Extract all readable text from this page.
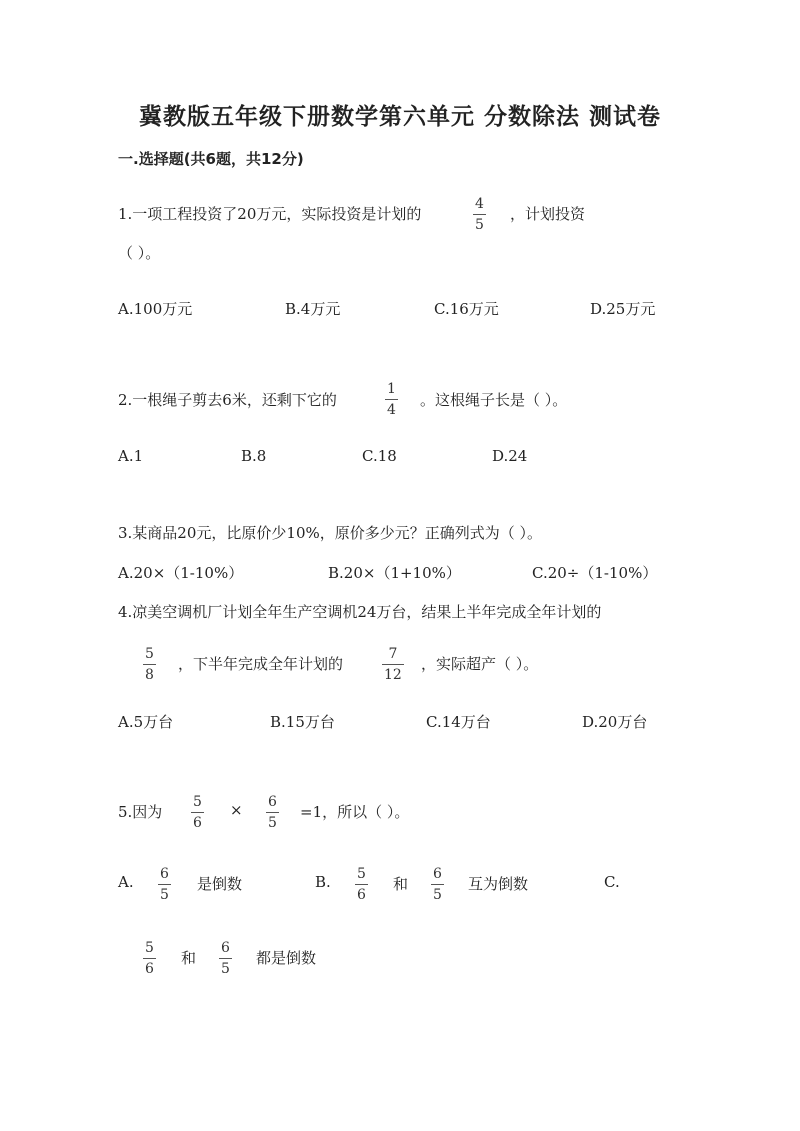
冀教版五年级下册数学第六单元 分数除法 测试卷
一.选择题(共6题，共12分)
1.一项工程投资了20万元，实际投资是计划的
4
5
，计划投资
（ ）。
A.100万元	B.4万元	C.16万元	D.25万元
2.一根绳子剪去6米，还剩下它的
1
4
。这根绳子长是（ ）。
A.1	B.8	C.18	D.24
3.某商品20元，比原价少10%，原价多少元？正确列式为（ ）。
A.20×（1-10%）	B.20×（1+10%）	C.20÷（1-10%）
4.凉美空调机厂计划全年生产空调机24万台，结果上半年完成全年计划的
5
8
，下半年完成全年计划的
7
12
，实际超产（ ）。
A.5万台	B.15万台	C.14万台	D.20万台
5.因为
5
6
× 6
5
=1，所以（ ）。
A. 6
5
是倒数	B. 5
6
和
6
5
互为倒数	C.
5
6
和
6
5
都是倒数
